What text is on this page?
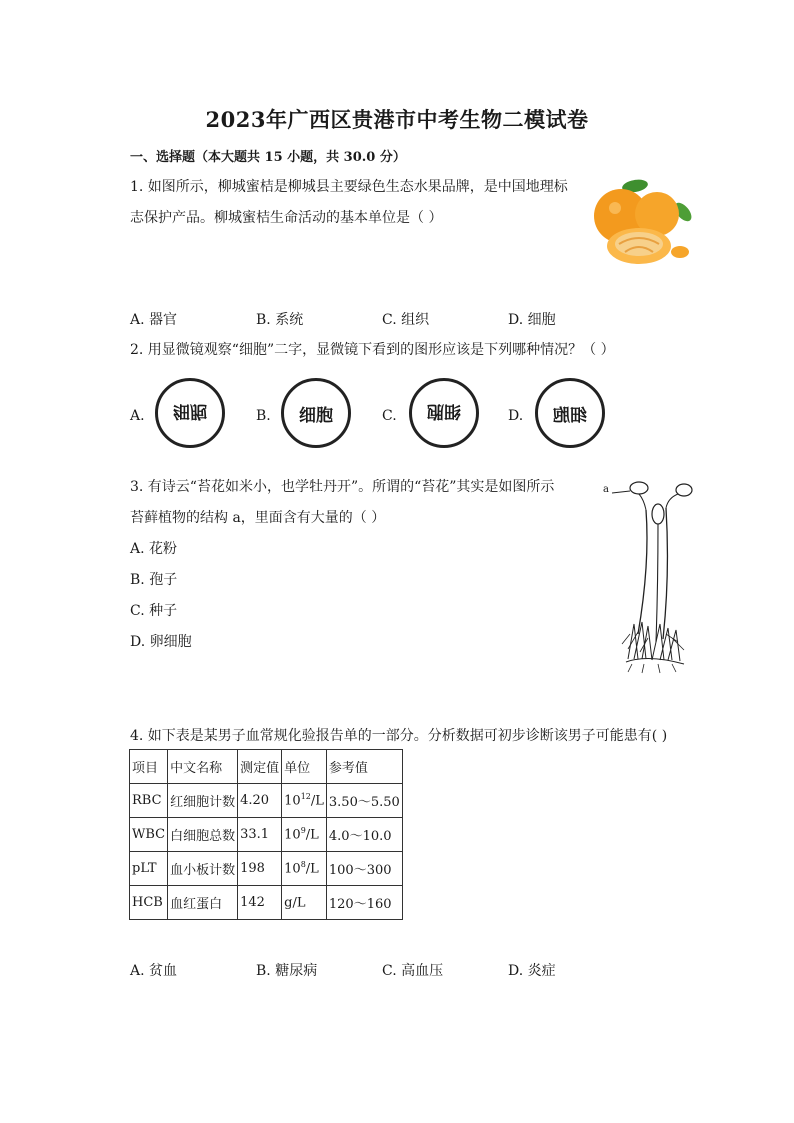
2023年广西区贵港市中考生物二模试卷
一、选择题（本大题共 15 小题，共 30.0 分）
1. 如图所示，柳城蜜桔是柳城县主要绿色生态水果品牌，是中国地理标
志保护产品。柳城蜜桔生命活动的基本单位是（ ）
A. 器官	B. 系统	C. 组织	D. 细胞
2. 用显微镜观察“细胞”二字，显微镜下看到的图形应该是下列哪种情况？（ ）
A. 细胞	B. 细胞	C. 细胞	D. 细胞
3. 有诗云“苔花如米小，也学牡丹开”。所谓的“苔花”其实是如图所示
苔藓植物的结构 a，里面含有大量的（ ）
A. 花粉
B. 孢子
C. 种子
D. 卵细胞
a
4. 如下表是某男子血常规化验报告单的一部分。分析数据可初步诊断该男子可能患有( )
项目	中文名称	测定值	单位	参考值
RBC	红细胞计数	4.20	$10^{12}/L$	3.50～5.50
WBC	白细胞总数	33.1	$10^9/L$	4.0～10.0
pLT	血小板计数	198	$10^8/L$	100～300
HCB	血红蛋白	142	g/L	120～160
A. 贫血	B. 糖尿病	C. 高血压	D. 炎症
